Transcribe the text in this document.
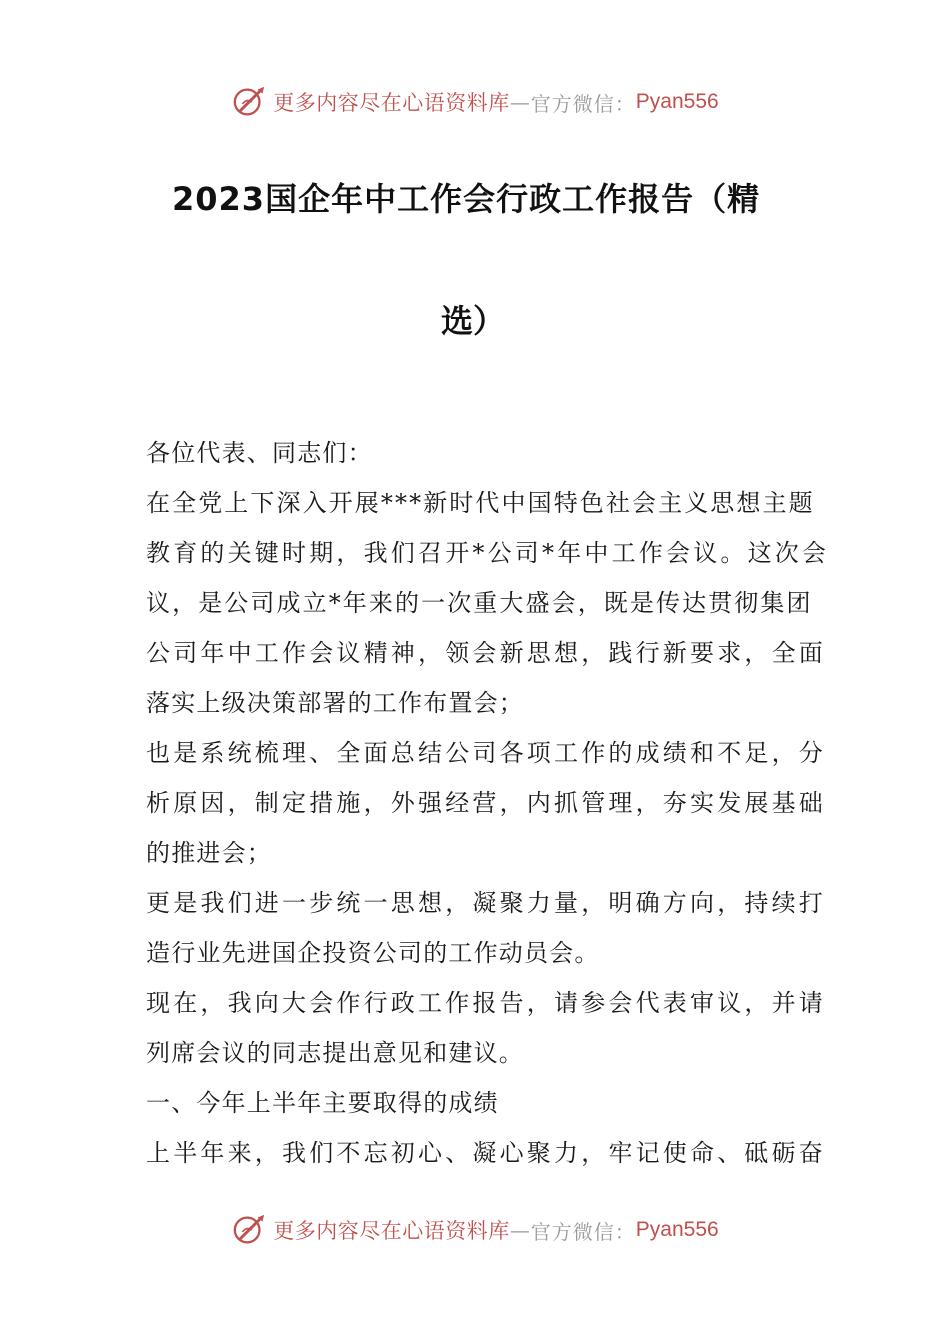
更多内容尽在心语资料库 — 官方微信： Pyan556
2023国企年中工作会行政工作报告（精
选）
各位代表、同志们：
在全党上下深入开展***新时代中国特色社会主义思想主题
教育的关键时期，我们召开*公司*年中工作会议。这次会
议，是公司成立*年来的一次重大盛会，既是传达贯彻集团
公司年中工作会议精神，领会新思想，践行新要求，全面
落实上级决策部署的工作布置会；
也是系统梳理、全面总结公司各项工作的成绩和不足，分
析原因，制定措施，外强经营，内抓管理，夯实发展基础
的推进会；
更是我们进一步统一思想，凝聚力量，明确方向，持续打
造行业先进国企投资公司的工作动员会。
现在，我向大会作行政工作报告，请参会代表审议，并请
列席会议的同志提出意见和建议。
一、今年上半年主要取得的成绩
上半年来，我们不忘初心、凝心聚力，牢记使命、砥砺奋
更多内容尽在心语资料库 — 官方微信： Pyan556
